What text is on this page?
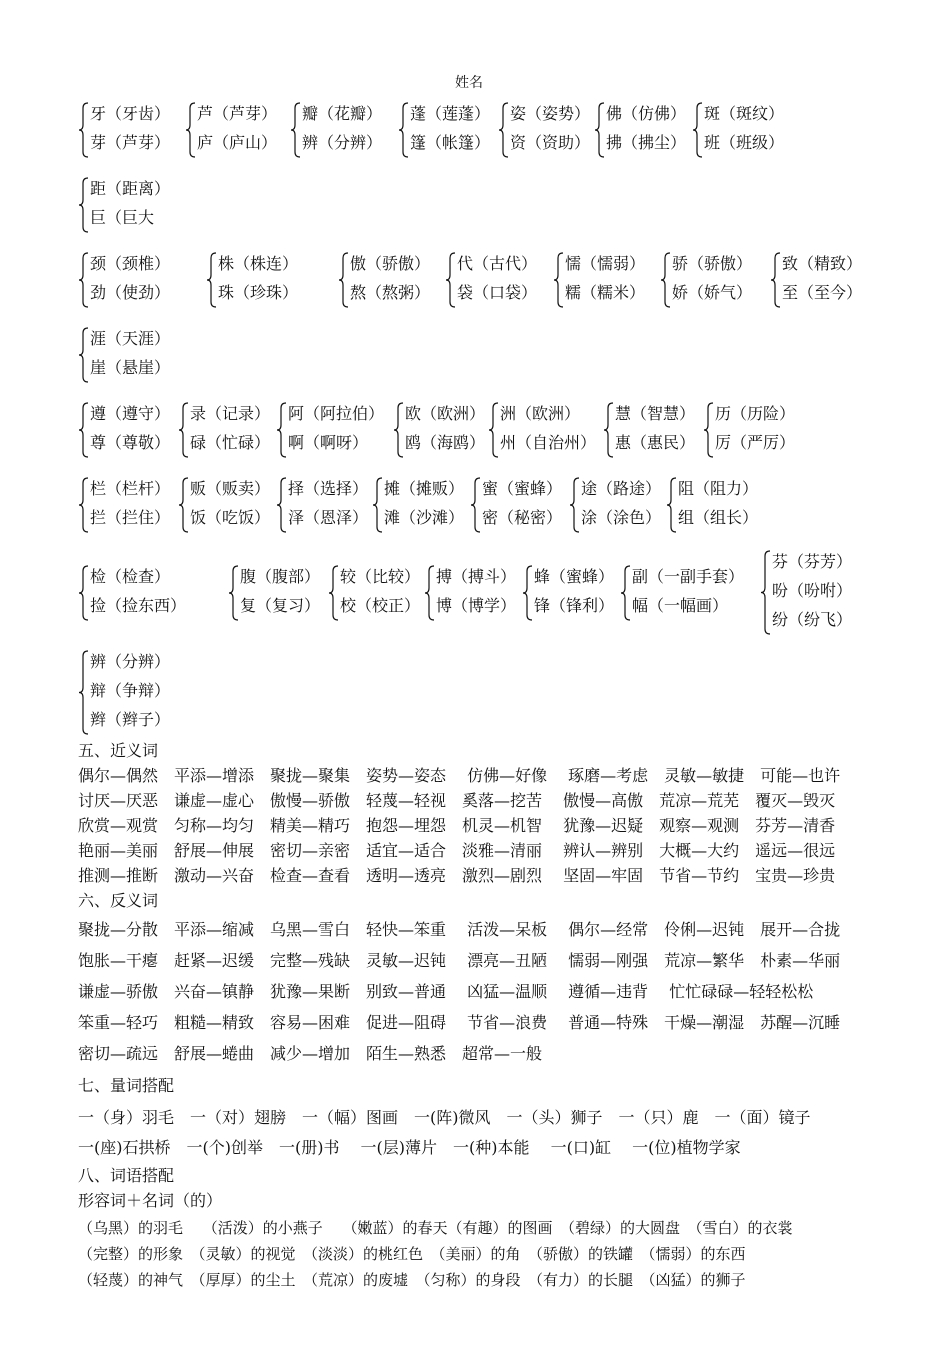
姓名
牙（牙齿）
芽（芦芽）
芦（芦芽）
庐（庐山）
瓣（花瓣）
辨（分辨）
蓬（莲蓬）
篷（帐篷）
姿（姿势）
资（资助）
佛（仿佛）
拂（拂尘）
斑（斑纹）
班（班级）
距（距离）
巨（巨大
颈（颈椎）
劲（使劲）
株（株连）
珠（珍珠）
傲（骄傲）
熬（熬粥）
代（古代）
袋（口袋）
懦（懦弱）
糯（糯米）
骄（骄傲）
娇（娇气）
致（精致）
至（至今）
涯（天涯）
崖（悬崖）
遵（遵守）
尊（尊敬）
录（记录）
碌（忙碌）
阿（阿拉伯）
啊（啊呀）
欧（欧洲）
鸥（海鸥）
洲（欧洲）
州（自治州）
慧（智慧）
惠（惠民）
历（历险）
厉（严厉）
栏（栏杆）
拦（拦住）
贩（贩卖）
饭（吃饭）
择（选择）
泽（恩泽）
摊（摊贩）
滩（沙滩）
蜜（蜜蜂）
密（秘密）
途（路途）
涂（涂色）
阻（阻力）
组（组长）
检（检查）
捡（捡东西）
腹（腹部）
复（复习）
较（比较）
校（校正）
搏（搏斗）
博（博学）
蜂（蜜蜂）
锋（锋利）
副（一副手套）
幅（一幅画）
芬（芬芳）
吩（吩咐）
纷（纷飞）
辨（分辨）
辩（争辩）
辫（辫子）
五、近义词
偶尔—偶然　平添—增添　聚拢—聚集　姿势—姿态　 仿佛—好像　 琢磨—考虑　灵敏—敏捷　可能—也许
讨厌—厌恶　谦虚—虚心　傲慢—骄傲　轻蔑—轻视　奚落—挖苦　 傲慢—高傲　荒凉—荒芜　覆灭—毁灭
欣赏—观赏　匀称—均匀　精美—精巧　抱怨—埋怨　机灵—机智　 犹豫—迟疑　观察—观测　芬芳—清香
艳丽—美丽　舒展—伸展　密切—亲密　适宜—适合　淡雅—清丽　 辨认—辨别　大概—大约　遥远—很远
推测—推断　激动—兴奋　检查—查看　透明—透亮　激烈—剧烈　 坚固—牢固　节省—节约　宝贵—珍贵
六、反义词
聚拢—分散　平添—缩减　乌黑—雪白　轻快—笨重　 活泼—呆板　 偶尔—经常　伶俐—迟钝　展开—合拢
饱胀—干瘪　赶紧—迟缓　完整—残缺　灵敏—迟钝　 漂亮—丑陋　 懦弱—刚强　荒凉—繁华　朴素—华丽
谦虚—骄傲　兴奋—镇静　犹豫—果断　别致—普通　 凶猛—温顺　 遵循—违背　 忙忙碌碌—轻轻松松
笨重—轻巧　粗糙—精致　容易—困难　促进—阻碍　 节省—浪费　 普通—特殊　干燥—潮湿　苏醒—沉睡
密切—疏远　舒展—蜷曲　减少—增加　陌生—熟悉　超常—一般
七、量词搭配
一（身）羽毛　一（对）翅膀　一（幅）图画　一(阵)微风　一（头）狮子　一（只）鹿　一（面）镜子
一(座)石拱桥　一(个)创举　一(册)书　 一(层)薄片　一(种)本能　 一(口)缸　 一(位)植物学家
八、词语搭配
形容词＋名词（的）
（乌黑）的羽毛　 （活泼）的小燕子　 （嫩蓝）的春天（有趣）的图画　（碧绿）的大圆盘　（雪白）的衣裳
（完整）的形象　（灵敏）的视觉　（淡淡）的桃红色　（美丽）的角　（骄傲）的铁罐　（懦弱）的东西
（轻蔑）的神气　（厚厚）的尘土　（荒凉）的废墟　（匀称）的身段　（有力）的长腿　（凶猛）的狮子
